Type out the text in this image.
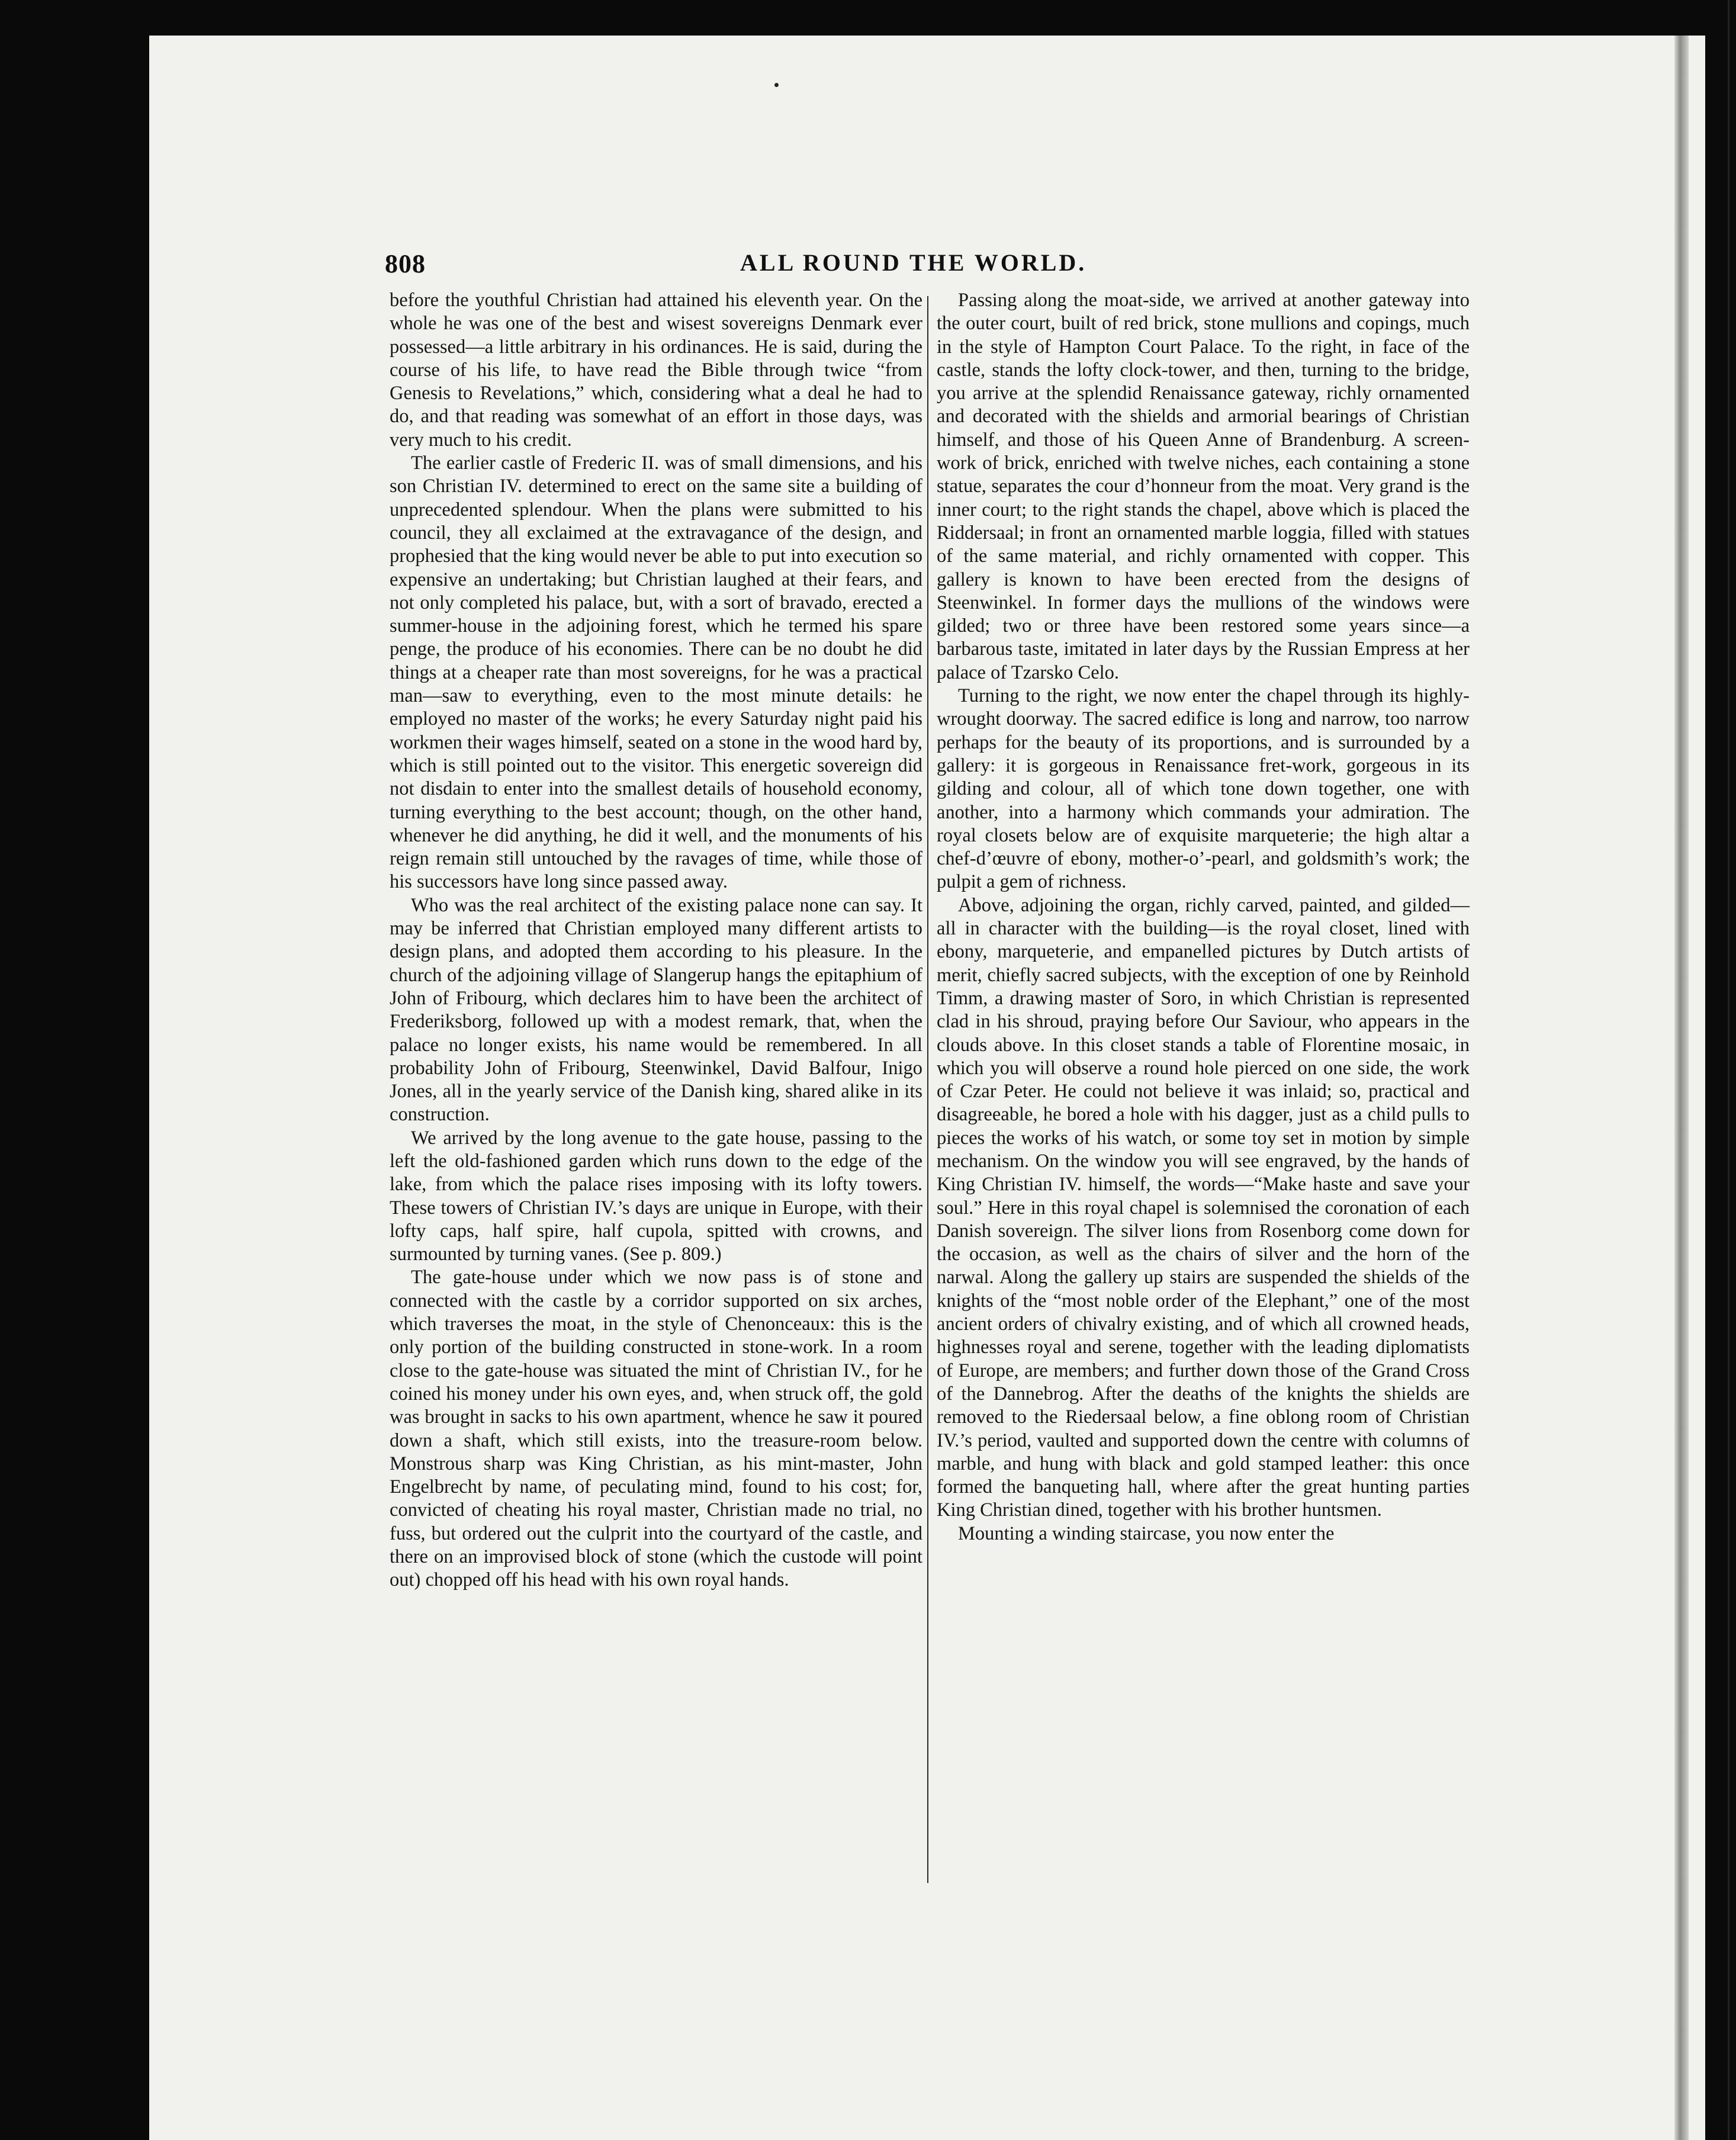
808	ALL ROUND THE WORLD.

before the youthful Christian had attained his eleventh year. On the whole he was one of the best and wisest sovereigns Denmark ever possessed—a little arbitrary in his ordinances. He is said, during the course of his life, to have read the Bible through twice “from Genesis to Revelations,” which, considering what a deal he had to do, and that reading was somewhat of an effort in those days, was very much to his credit.

The earlier castle of Frederic II. was of small dimensions, and his son Christian IV. determined to erect on the same site a building of unprecedented splendour. When the plans were submitted to his council, they all exclaimed at the extravagance of the design, and prophesied that the king would never be able to put into execution so expensive an undertaking; but Christian laughed at their fears, and not only completed his palace, but, with a sort of bravado, erected a summer-house in the adjoining forest, which he termed his spare penge, the produce of his economies. There can be no doubt he did things at a cheaper rate than most sovereigns, for he was a practical man—saw to everything, even to the most minute details: he employed no master of the works; he every Saturday night paid his workmen their wages himself, seated on a stone in the wood hard by, which is still pointed out to the visitor. This energetic sovereign did not disdain to enter into the smallest details of household economy, turning everything to the best account; though, on the other hand, whenever he did anything, he did it well, and the monuments of his reign remain still untouched by the ravages of time, while those of his successors have long since passed away.

Who was the real architect of the existing palace none can say. It may be inferred that Christian employed many different artists to design plans, and adopted them according to his pleasure. In the church of the adjoining village of Slangerup hangs the epitaphium of John of Fribourg, which declares him to have been the architect of Frederiksborg, followed up with a modest remark, that, when the palace no longer exists, his name would be remembered. In all probability John of Fribourg, Steenwinkel, David Balfour, Inigo Jones, all in the yearly service of the Danish king, shared alike in its construction.

We arrived by the long avenue to the gate house, passing to the left the old-fashioned garden which runs down to the edge of the lake, from which the palace rises imposing with its lofty towers. These towers of Christian IV.’s days are unique in Europe, with their lofty caps, half spire, half cupola, spitted with crowns, and surmounted by turning vanes. (See p. 809.)

The gate-house under which we now pass is of stone and connected with the castle by a corridor supported on six arches, which traverses the moat, in the style of Chenonceaux: this is the only portion of the building constructed in stone-work. In a room close to the gate-house was situated the mint of Christian IV., for he coined his money under his own eyes, and, when struck off, the gold was brought in sacks to his own apartment, whence he saw it poured down a shaft, which still exists, into the treasure-room below. Monstrous sharp was King Christian, as his mint-master, John Engelbrecht by name, of peculating mind, found to his cost; for, convicted of cheating his royal master, Christian made no trial, no fuss, but ordered out the culprit into the courtyard of the castle, and there on an improvised block of stone (which the custode will point out) chopped off his head with his own royal hands.

Passing along the moat-side, we arrived at another gateway into the outer court, built of red brick, stone mullions and copings, much in the style of Hampton Court Palace. To the right, in face of the castle, stands the lofty clock-tower, and then, turning to the bridge, you arrive at the splendid Renaissance gateway, richly ornamented and decorated with the shields and armorial bearings of Christian himself, and those of his Queen Anne of Brandenburg. A screen-work of brick, enriched with twelve niches, each containing a stone statue, separates the cour d’honneur from the moat. Very grand is the inner court; to the right stands the chapel, above which is placed the Riddersaal; in front an ornamented marble loggia, filled with statues of the same material, and richly ornamented with copper. This gallery is known to have been erected from the designs of Steenwinkel. In former days the mullions of the windows were gilded; two or three have been restored some years since—a barbarous taste, imitated in later days by the Russian Empress at her palace of Tzarsko Celo.

Turning to the right, we now enter the chapel through its highly-wrought doorway. The sacred edifice is long and narrow, too narrow perhaps for the beauty of its proportions, and is surrounded by a gallery: it is gorgeous in Renaissance fret-work, gorgeous in its gilding and colour, all of which tone down together, one with another, into a harmony which commands your admiration. The royal closets below are of exquisite marqueterie; the high altar a chef-d’œuvre of ebony, mother-o’-pearl, and goldsmith’s work; the pulpit a gem of richness.

Above, adjoining the organ, richly carved, painted, and gilded—all in character with the building—is the royal closet, lined with ebony, marqueterie, and empanelled pictures by Dutch artists of merit, chiefly sacred subjects, with the exception of one by Reinhold Timm, a drawing master of Soro, in which Christian is represented clad in his shroud, praying before Our Saviour, who appears in the clouds above. In this closet stands a table of Florentine mosaic, in which you will observe a round hole pierced on one side, the work of Czar Peter. He could not believe it was inlaid; so, practical and disagreeable, he bored a hole with his dagger, just as a child pulls to pieces the works of his watch, or some toy set in motion by simple mechanism. On the window you will see engraved, by the hands of King Christian IV. himself, the words—“Make haste and save your soul.” Here in this royal chapel is solemnised the coronation of each Danish sovereign. The silver lions from Rosenborg come down for the occasion, as well as the chairs of silver and the horn of the narwal. Along the gallery up stairs are suspended the shields of the knights of the “most noble order of the Elephant,” one of the most ancient orders of chivalry existing, and of which all crowned heads, highnesses royal and serene, together with the leading diplomatists of Europe, are members; and further down those of the Grand Cross of the Dannebrog. After the deaths of the knights the shields are removed to the Riedersaal below, a fine oblong room of Christian IV.’s period, vaulted and supported down the centre with columns of marble, and hung with black and gold stamped leather: this once formed the banqueting hall, where after the great hunting parties King Christian dined, together with his brother huntsmen.

Mounting a winding staircase, you now enter the
